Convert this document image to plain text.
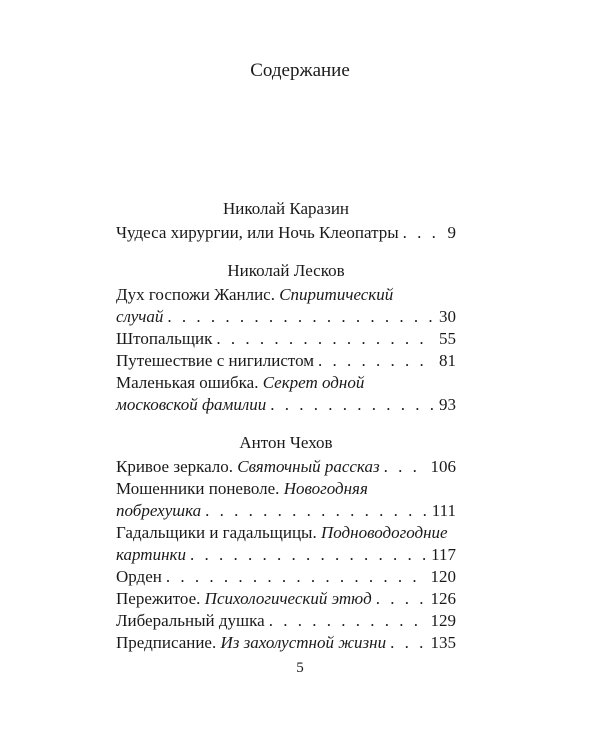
Содержание
Николай Каразин
Чудеса хирургии, или Ночь Клеопатры . . .	9
Николай Лесков
Дух госпожи Жанлис. Спиритический
случай . . .	30
Штопальщик . . .	55
Путешествие с нигилистом . . .	81
Маленькая ошибка. Секрет одной
московской фамилии . . .	93
Антон Чехов
Кривое зеркало. Святочный рассказ . . .	106
Мошенники поневоле. Новогодняя
побрехушка . . .	111
Гадальщики и гадальщицы. Подноводогодние
картинки . . .	117
Орден . . .	120
Пережитое. Психологический этюд . . .	126
Либеральный душка . . .	129
Предписание. Из захолустной жизни . . .	135
5
